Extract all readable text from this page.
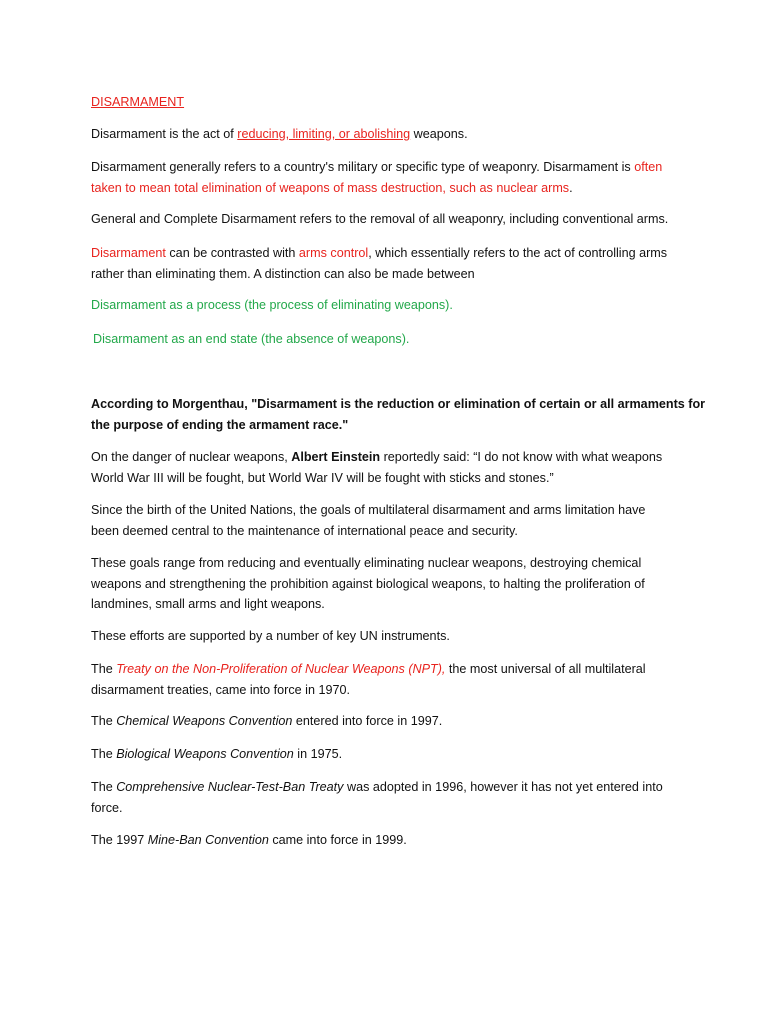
DISARMAMENT

Disarmament is the act of reducing, limiting, or abolishing weapons.

Disarmament generally refers to a country's military or specific type of weaponry. Disarmament is often
taken to mean total elimination of weapons of mass destruction, such as nuclear arms.

General and Complete Disarmament refers to the removal of all weaponry, including conventional arms.

Disarmament can be contrasted with arms control, which essentially refers to the act of controlling arms
rather than eliminating them. A distinction can also be made between

Disarmament as a process (the process of eliminating weapons).

Disarmament as an end state (the absence of weapons).

According to Morgenthau, "Disarmament is the reduction or elimination of certain or all armaments for
the purpose of ending the armament race."
On the danger of nuclear weapons, Albert Einstein reportedly said: “I do not know with what weapons
World War III will be fought, but World War IV will be fought with sticks and stones.”
Since the birth of the United Nations, the goals of multilateral disarmament and arms limitation have
been deemed central to the maintenance of international peace and security.
These goals range from reducing and eventually eliminating nuclear weapons, destroying chemical
weapons and strengthening the prohibition against biological weapons, to halting the proliferation of
landmines, small arms and light weapons.

These efforts are supported by a number of key UN instruments.

The Treaty on the Non-Proliferation of Nuclear Weapons (NPT), the most universal of all multilateral
disarmament treaties, came into force in 1970.

The Chemical Weapons Convention entered into force in 1997.

The Biological Weapons Convention in 1975.

The Comprehensive Nuclear-Test-Ban Treaty was adopted in 1996, however it has not yet entered into
force.

The 1997 Mine-Ban Convention came into force in 1999.
